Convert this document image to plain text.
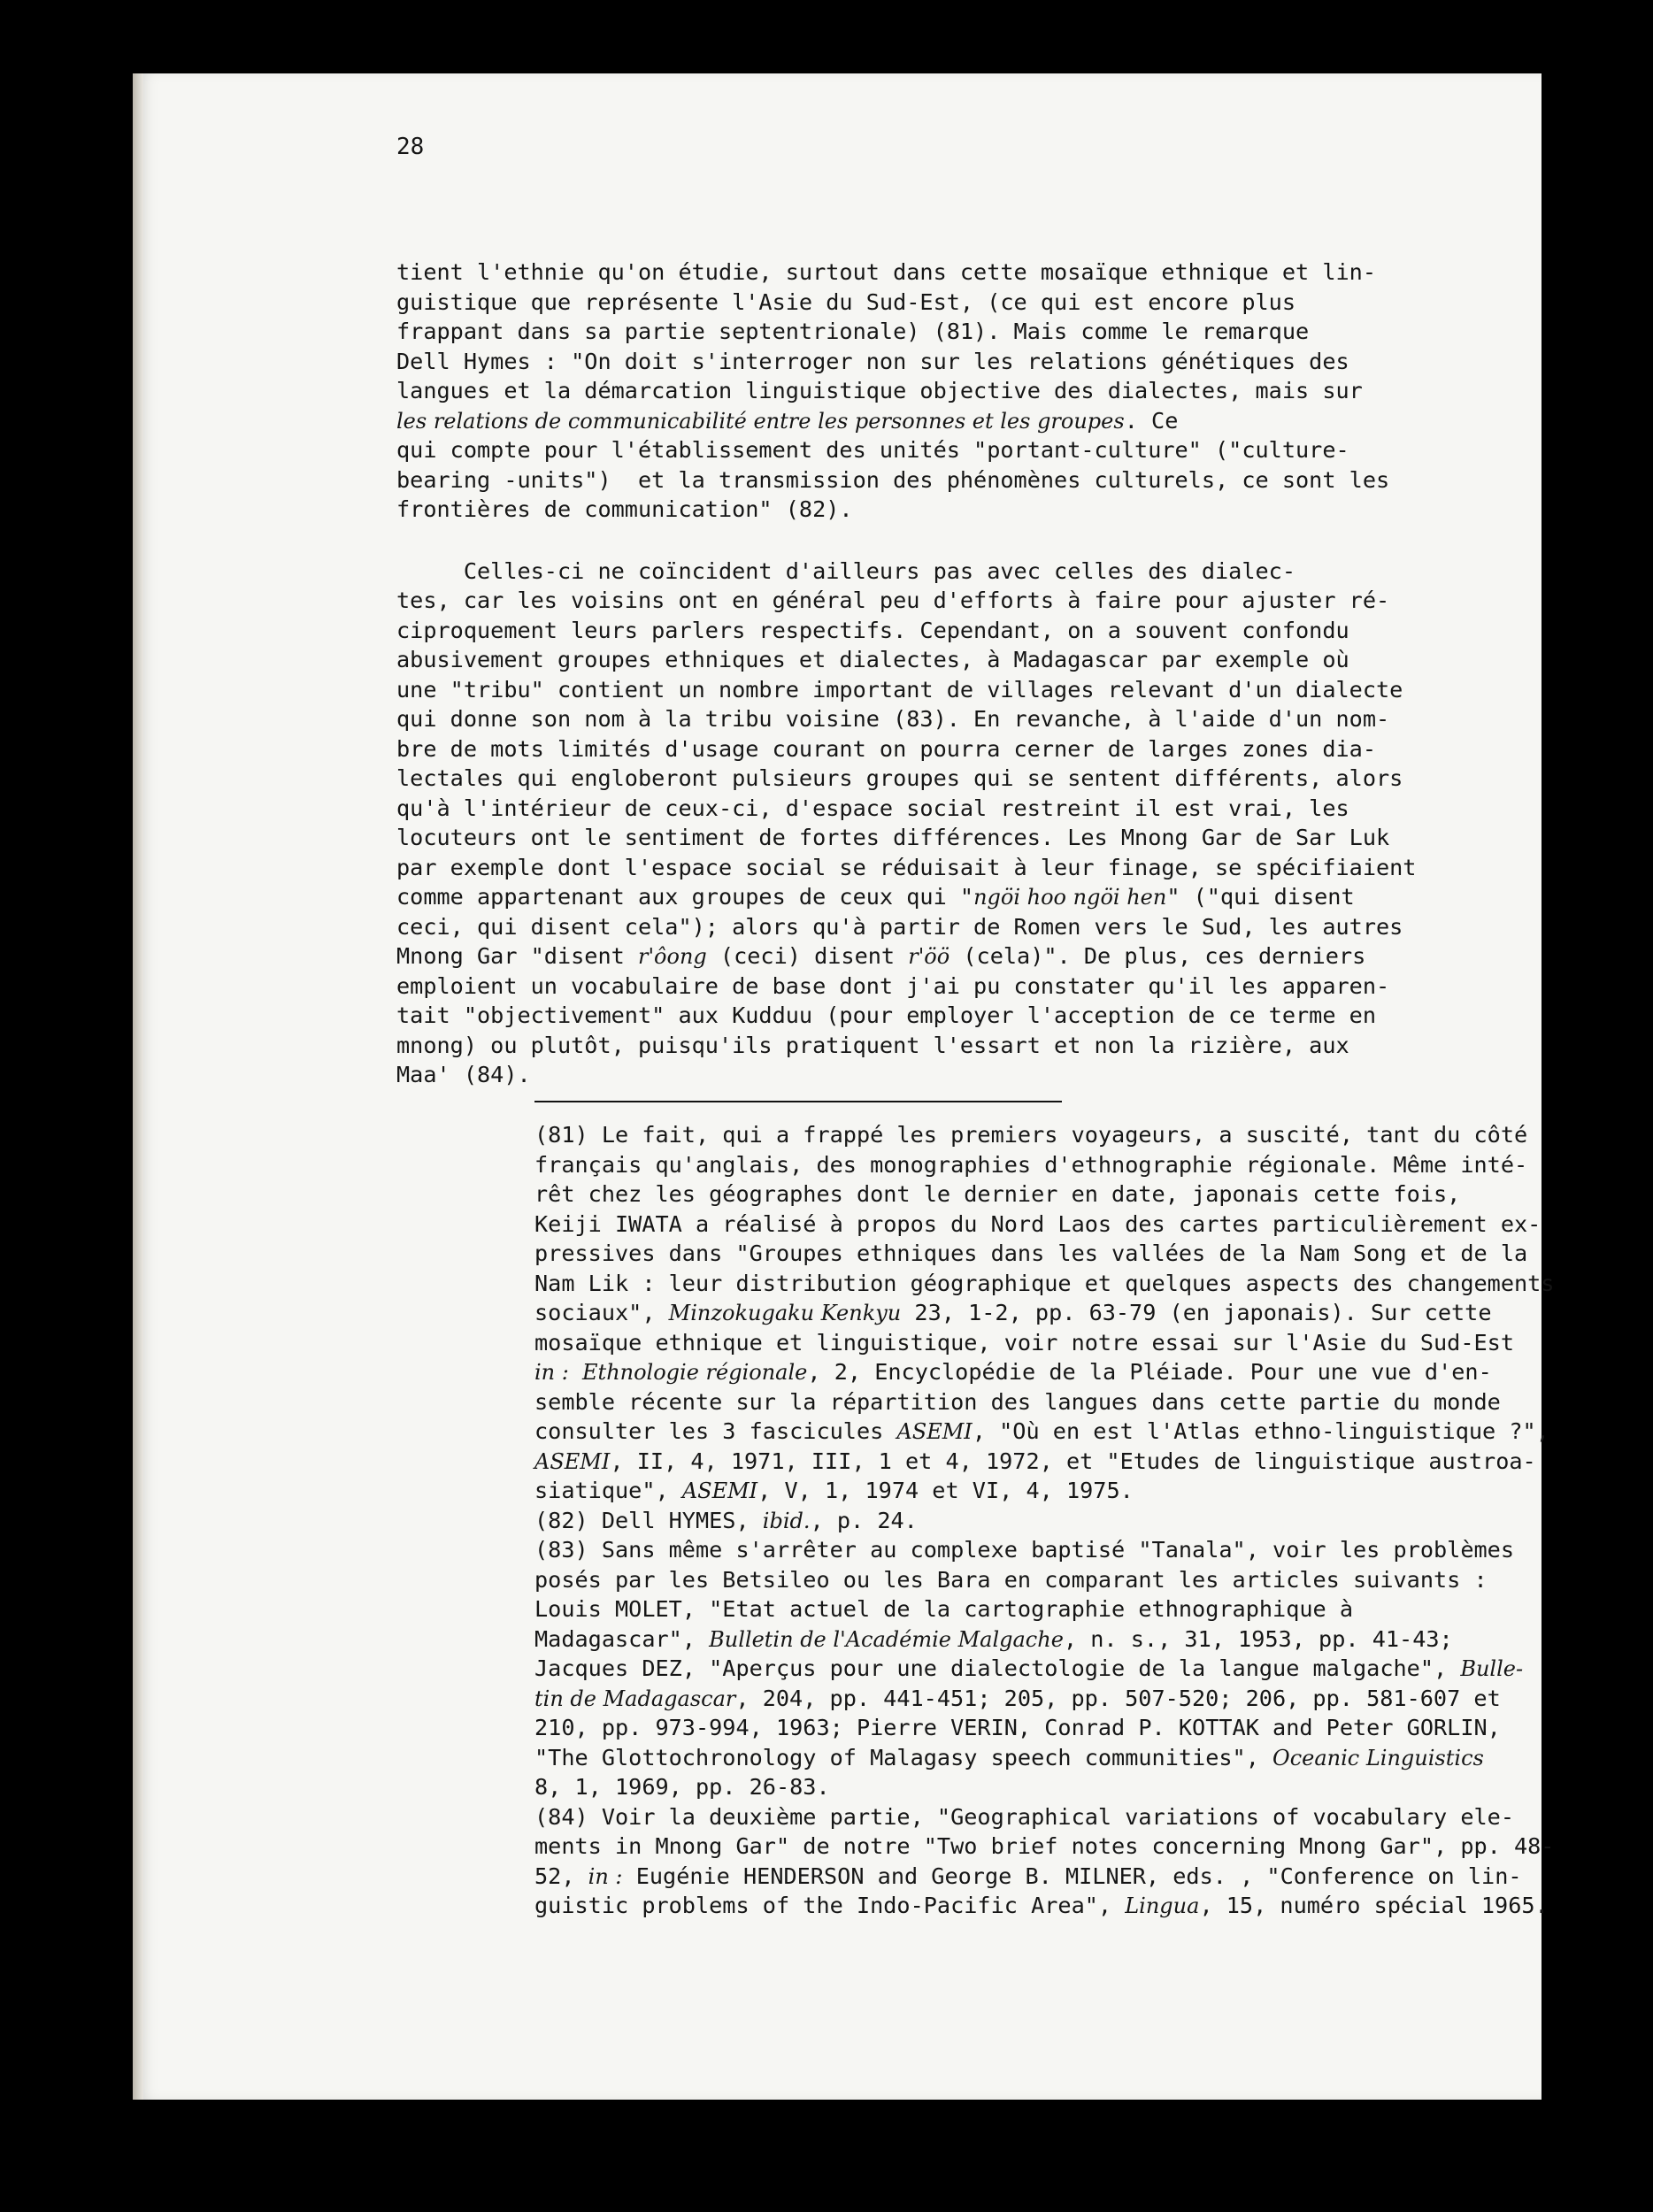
28
tient l'ethnie qu'on étudie, surtout dans cette mosaïque ethnique et lin-
guistique que représente l'Asie du Sud-Est, (ce qui est encore plus
frappant dans sa partie septentrionale) (81). Mais comme le remarque
Dell Hymes : "On doit s'interroger non sur les relations génétiques des
langues et la démarcation linguistique objective des dialectes, mais sur
les relations de communicabilité entre les personnes et les groupes. Ce
qui compte pour l'établissement des unités "portant-culture" ("culture-
bearing -units")  et la transmission des phénomènes culturels, ce sont les
frontières de communication" (82).
Celles-ci ne coïncident d'ailleurs pas avec celles des dialec-
tes, car les voisins ont en général peu d'efforts à faire pour ajuster ré-
ciproquement leurs parlers respectifs. Cependant, on a souvent confondu
abusivement groupes ethniques et dialectes, à Madagascar par exemple où
une "tribu" contient un nombre important de villages relevant d'un dialecte
qui donne son nom à la tribu voisine (83). En revanche, à l'aide d'un nom-
bre de mots limités d'usage courant on pourra cerner de larges zones dia-
lectales qui engloberont pulsieurs groupes qui se sentent différents, alors
qu'à l'intérieur de ceux-ci, d'espace social restreint il est vrai, les
locuteurs ont le sentiment de fortes différences. Les Mnong Gar de Sar Luk
par exemple dont l'espace social se réduisait à leur finage, se spécifiaient
comme appartenant aux groupes de ceux qui "ngöi hoo ngöi hen" ("qui disent
ceci, qui disent cela"); alors qu'à partir de Romen vers le Sud, les autres
Mnong Gar "disent r'ôong (ceci) disent r'öö (cela)". De plus, ces derniers
emploient un vocabulaire de base dont j'ai pu constater qu'il les apparen-
tait "objectivement" aux Kudduu (pour employer l'acception de ce terme en
mnong) ou plutôt, puisqu'ils pratiquent l'essart et non la rizière, aux
Maa' (84).
(81) Le fait, qui a frappé les premiers voyageurs, a suscité, tant du côté
français qu'anglais, des monographies d'ethnographie régionale. Même inté-
rêt chez les géographes dont le dernier en date, japonais cette fois,
Keiji IWATA a réalisé à propos du Nord Laos des cartes particulièrement ex-
pressives dans "Groupes ethniques dans les vallées de la Nam Song et de la
Nam Lik : leur distribution géographique et quelques aspects des changements
sociaux", Minzokugaku Kenkyu 23, 1-2, pp. 63-79 (en japonais). Sur cette
mosaïque ethnique et linguistique, voir notre essai sur l'Asie du Sud-Est
in : Ethnologie régionale, 2, Encyclopédie de la Pléiade. Pour une vue d'en-
semble récente sur la répartition des langues dans cette partie du monde
consulter les 3 fascicules ASEMI, "Où en est l'Atlas ethno-linguistique ?",
ASEMI, II, 4, 1971, III, 1 et 4, 1972, et "Etudes de linguistique austroa-
siatique", ASEMI, V, 1, 1974 et VI, 4, 1975.
(82) Dell HYMES, ibid., p. 24.
(83) Sans même s'arrêter au complexe baptisé "Tanala", voir les problèmes
posés par les Betsileo ou les Bara en comparant les articles suivants :
Louis MOLET, "Etat actuel de la cartographie ethnographique à
Madagascar", Bulletin de l'Académie Malgache, n. s., 31, 1953, pp. 41-43;
Jacques DEZ, "Aperçus pour une dialectologie de la langue malgache", Bulle-
tin de Madagascar, 204, pp. 441-451; 205, pp. 507-520; 206, pp. 581-607 et
210, pp. 973-994, 1963; Pierre VERIN, Conrad P. KOTTAK and Peter GORLIN,
"The Glottochronology of Malagasy speech communities", Oceanic Linguistics
8, 1, 1969, pp. 26-83.
(84) Voir la deuxième partie, "Geographical variations of vocabulary ele-
ments in Mnong Gar" de notre "Two brief notes concerning Mnong Gar", pp. 48-
52, in : Eugénie HENDERSON and George B. MILNER, eds. , "Conference on lin-
guistic problems of the Indo-Pacific Area", Lingua, 15, numéro spécial 1965.
